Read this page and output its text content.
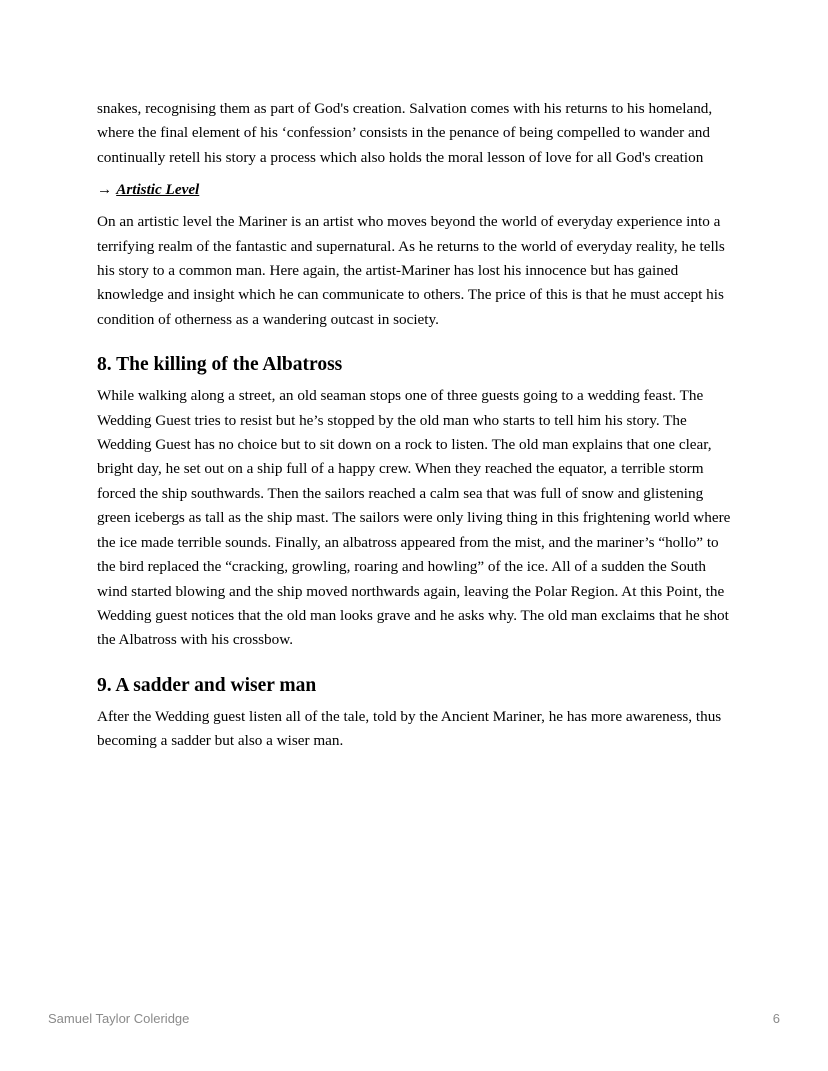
snakes, recognising them as part of God's creation. Salvation comes with his returns to his homeland, where the final element of his ‘confession’ consists in the penance of being compelled to wander and continually retell his story a process which also holds the moral lesson of love for all God's creation

→ Artistic Level

On an artistic level the Mariner is an artist who moves beyond the world of everyday experience into a terrifying realm of the fantastic and supernatural. As he returns to the world of everyday reality, he tells his story to a common man. Here again, the artist-Mariner has lost his innocence but has gained knowledge and insight which he can communicate to others. The price of this is that he must accept his condition of otherness as a wandering outcast in society.

8. The killing of the Albatross

While walking along a street, an old seaman stops one of three guests going to a wedding feast. The Wedding Guest tries to resist but he’s stopped by the old man who starts to tell him his story. The Wedding Guest has no choice but to sit down on a rock to listen. The old man explains that one clear, bright day, he set out on a ship full of a happy crew. When they reached the equator, a terrible storm forced the ship southwards. Then the sailors reached a calm sea that was full of snow and glistening green icebergs as tall as the ship mast. The sailors were only living thing in this frightening world where the ice made terrible sounds. Finally, an albatross appeared from the mist, and the mariner’s “hollo” to the bird replaced the “cracking, growling, roaring and howling” of the ice. All of a sudden the South wind started blowing and the ship moved northwards again, leaving the Polar Region. At this Point, the Wedding guest notices that the old man looks grave and he asks why. The old man exclaims that he shot the Albatross with his crossbow.

9. A sadder and wiser man

After the Wedding guest listen all of the tale, told by the Ancient Mariner, he has more awareness, thus becoming a sadder but also a wiser man.

Samuel Taylor Coleridge	6
